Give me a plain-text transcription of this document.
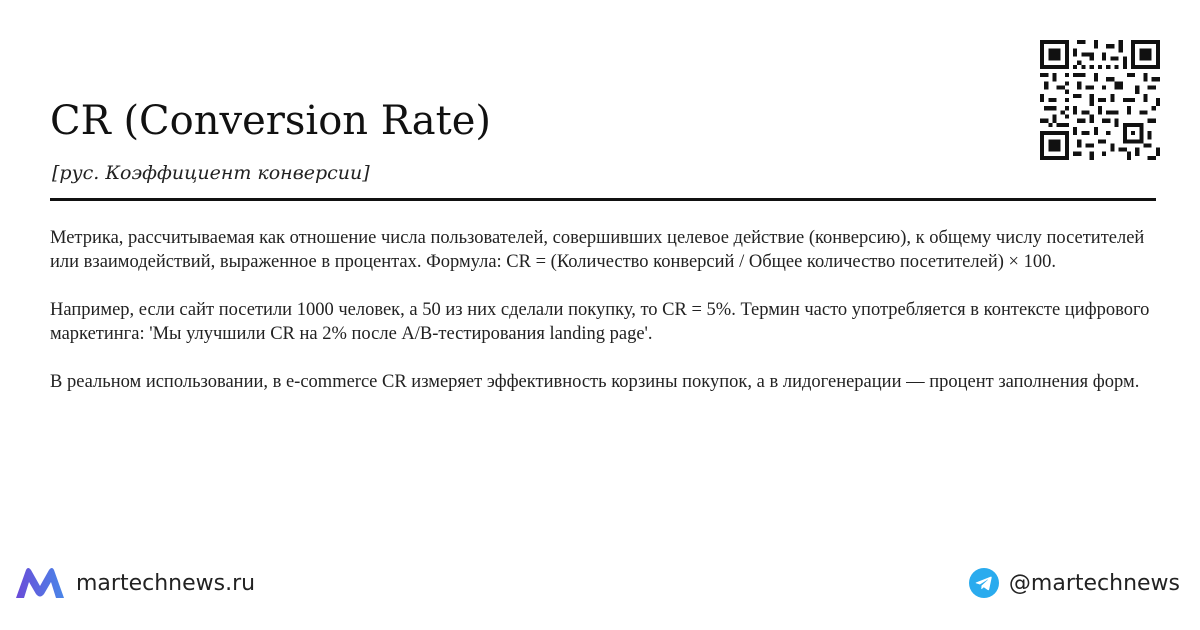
CR (Conversion Rate)
[рус. Коэффициент конверсии]

Метрика, рассчитываемая как отношение числа пользователей, совершивших целевое действие (конверсию), к общему числу посетителей или взаимодействий, выраженное в процентах. Формула: CR = (Количество конверсий / Общее количество посетителей) × 100.

Например, если сайт посетили 1000 человек, а 50 из них сделали покупку, то CR = 5%. Термин часто употребляется в контексте цифрового маркетинга: 'Мы улучшили CR на 2% после A/B-тестирования landing page'.

В реальном использовании, в e-commerce CR измеряет эффективность корзины покупок, а в лидогенерации — процент заполнения форм.

martechnews.ru	@martechnews
